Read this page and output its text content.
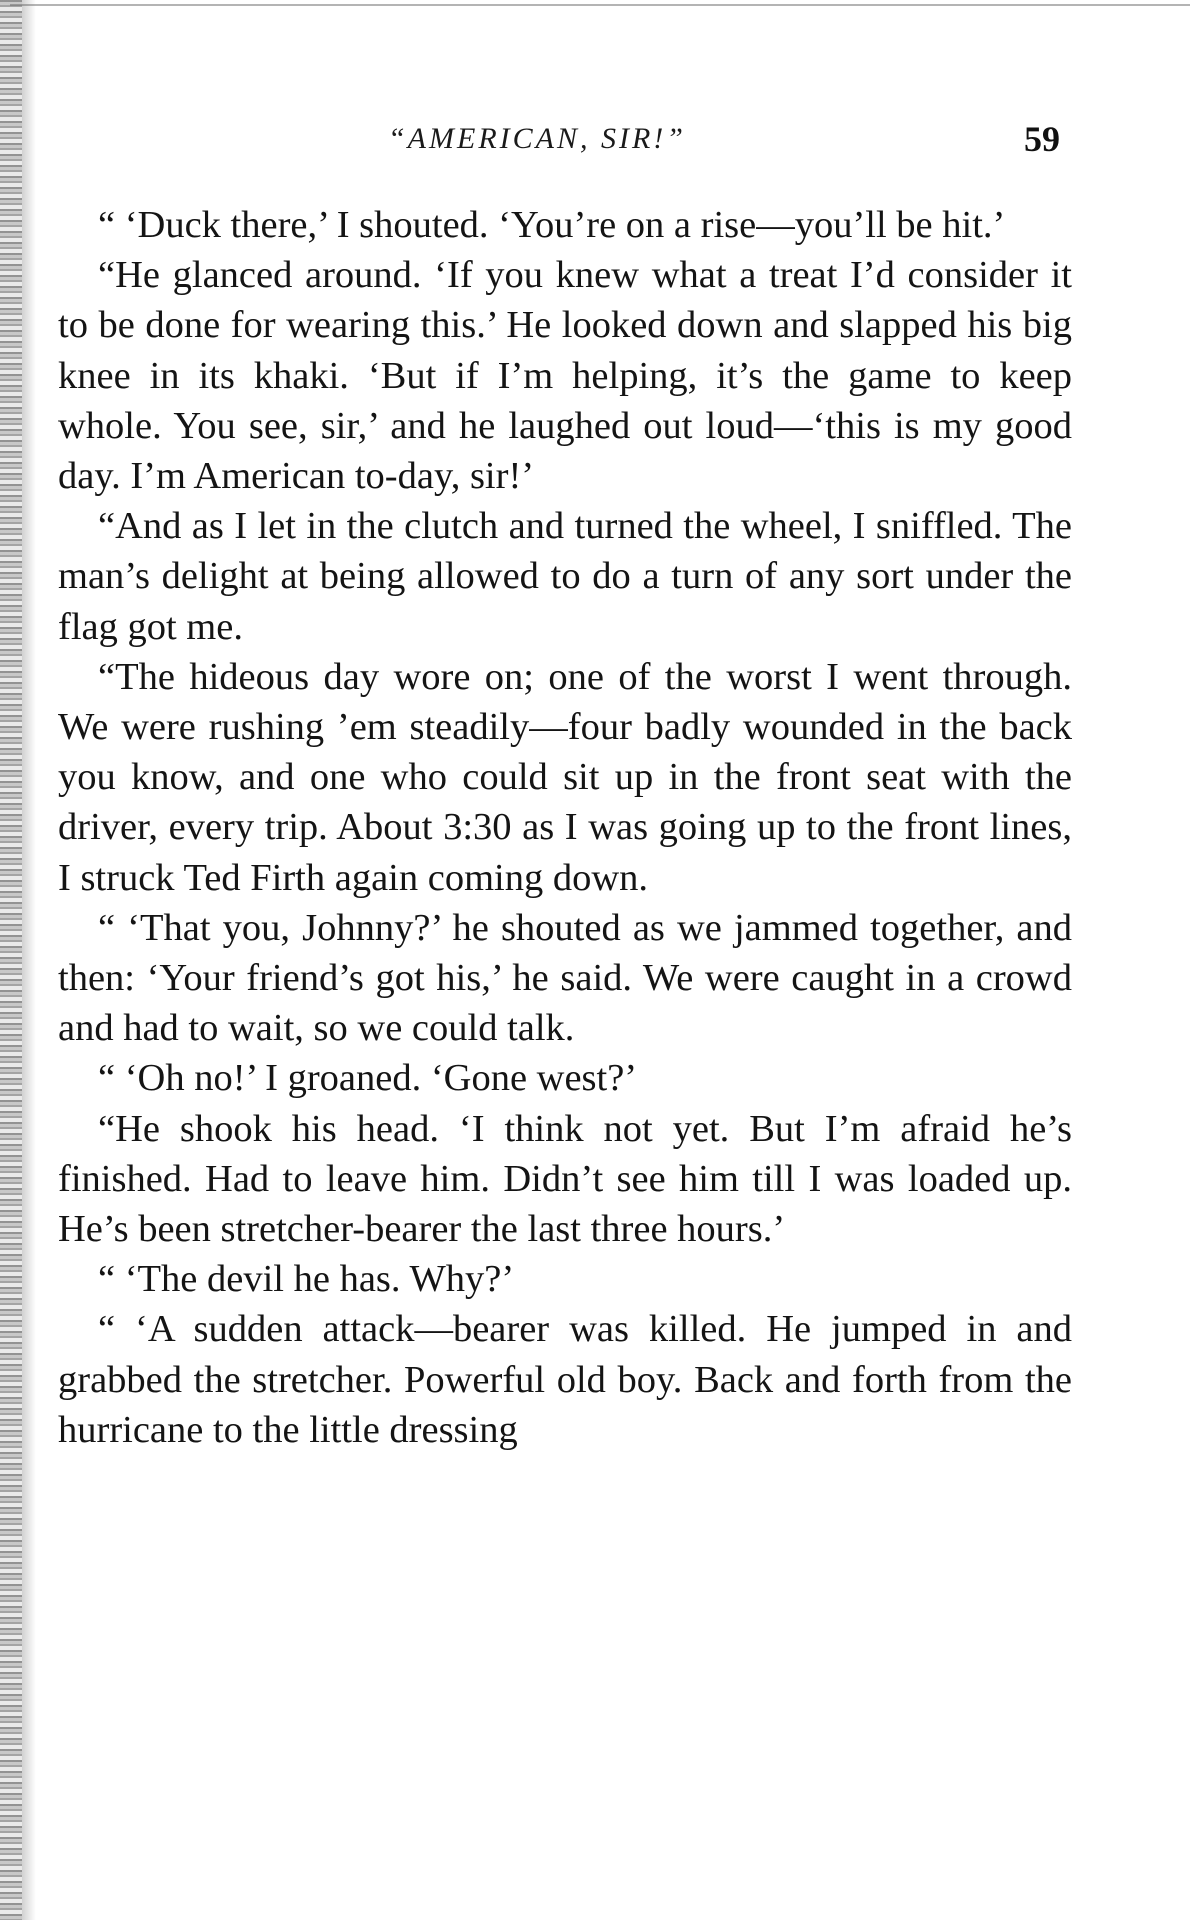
“AMERICAN, SIR!”	59

“ ‘Duck there,’ I shouted. ‘You’re on a rise—you’ll be hit.’

“He glanced around. ‘If you knew what a treat I’d consider it to be done for wearing this.’ He looked down and slapped his big knee in its khaki. ‘But if I’m helping, it’s the game to keep whole. You see, sir,’ and he laughed out loud—‘this is my good day. I’m American to-day, sir!’

“And as I let in the clutch and turned the wheel, I sniffled. The man’s delight at being allowed to do a turn of any sort under the flag got me.

“The hideous day wore on; one of the worst I went through. We were rushing ’em steadily—four badly wounded in the back you know, and one who could sit up in the front seat with the driver, every trip. About 3:30 as I was going up to the front lines, I struck Ted Firth again coming down.

“ ‘That you, Johnny?’ he shouted as we jammed together, and then: ‘Your friend’s got his,’ he said. We were caught in a crowd and had to wait, so we could talk.

“ ‘Oh no!’ I groaned. ‘Gone west?’

“He shook his head. ‘I think not yet. But I’m afraid he’s finished. Had to leave him. Didn’t see him till I was loaded up. He’s been stretcher-bearer the last three hours.’

“ ‘The devil he has. Why?’

“ ‘A sudden attack—bearer was killed. He jumped in and grabbed the stretcher. Powerful old boy. Back and forth from the hurricane to the little dressing
